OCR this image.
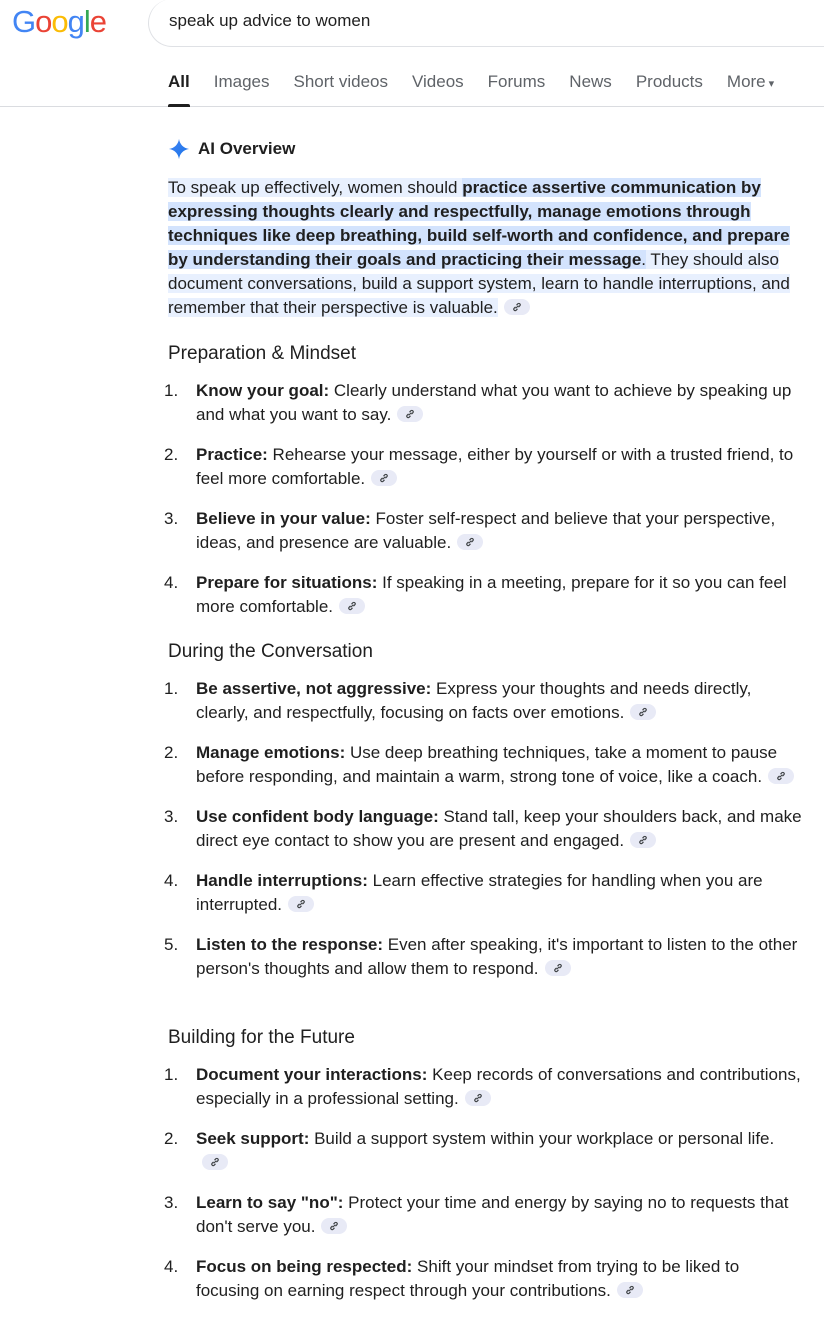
Google
speak up advice to women
All Images Short videos Videos Forums News Products More ▾
AI Overview
To speak up effectively, women should practice assertive communication by expressing thoughts clearly and respectfully, manage emotions through techniques like deep breathing, build self-worth and confidence, and prepare by understanding their goals and practicing their message. They should also document conversations, build a support system, learn to handle interruptions, and remember that their perspective is valuable.
Preparation & Mindset
1. Know your goal: Clearly understand what you want to achieve by speaking up and what you want to say.
2. Practice: Rehearse your message, either by yourself or with a trusted friend, to feel more comfortable.
3. Believe in your value: Foster self-respect and believe that your perspective, ideas, and presence are valuable.
4. Prepare for situations: If speaking in a meeting, prepare for it so you can feel more comfortable.
During the Conversation
1. Be assertive, not aggressive: Express your thoughts and needs directly, clearly, and respectfully, focusing on facts over emotions.
2. Manage emotions: Use deep breathing techniques, take a moment to pause before responding, and maintain a warm, strong tone of voice, like a coach.
3. Use confident body language: Stand tall, keep your shoulders back, and make direct eye contact to show you are present and engaged.
4. Handle interruptions: Learn effective strategies for handling when you are interrupted.
5. Listen to the response: Even after speaking, it's important to listen to the other person's thoughts and allow them to respond.
Building for the Future
1. Document your interactions: Keep records of conversations and contributions, especially in a professional setting.
2. Seek support: Build a support system within your workplace or personal life.
3. Learn to say "no": Protect your time and energy by saying no to requests that don't serve you.
4. Focus on being respected: Shift your mindset from trying to be liked to focusing on earning respect through your contributions.
